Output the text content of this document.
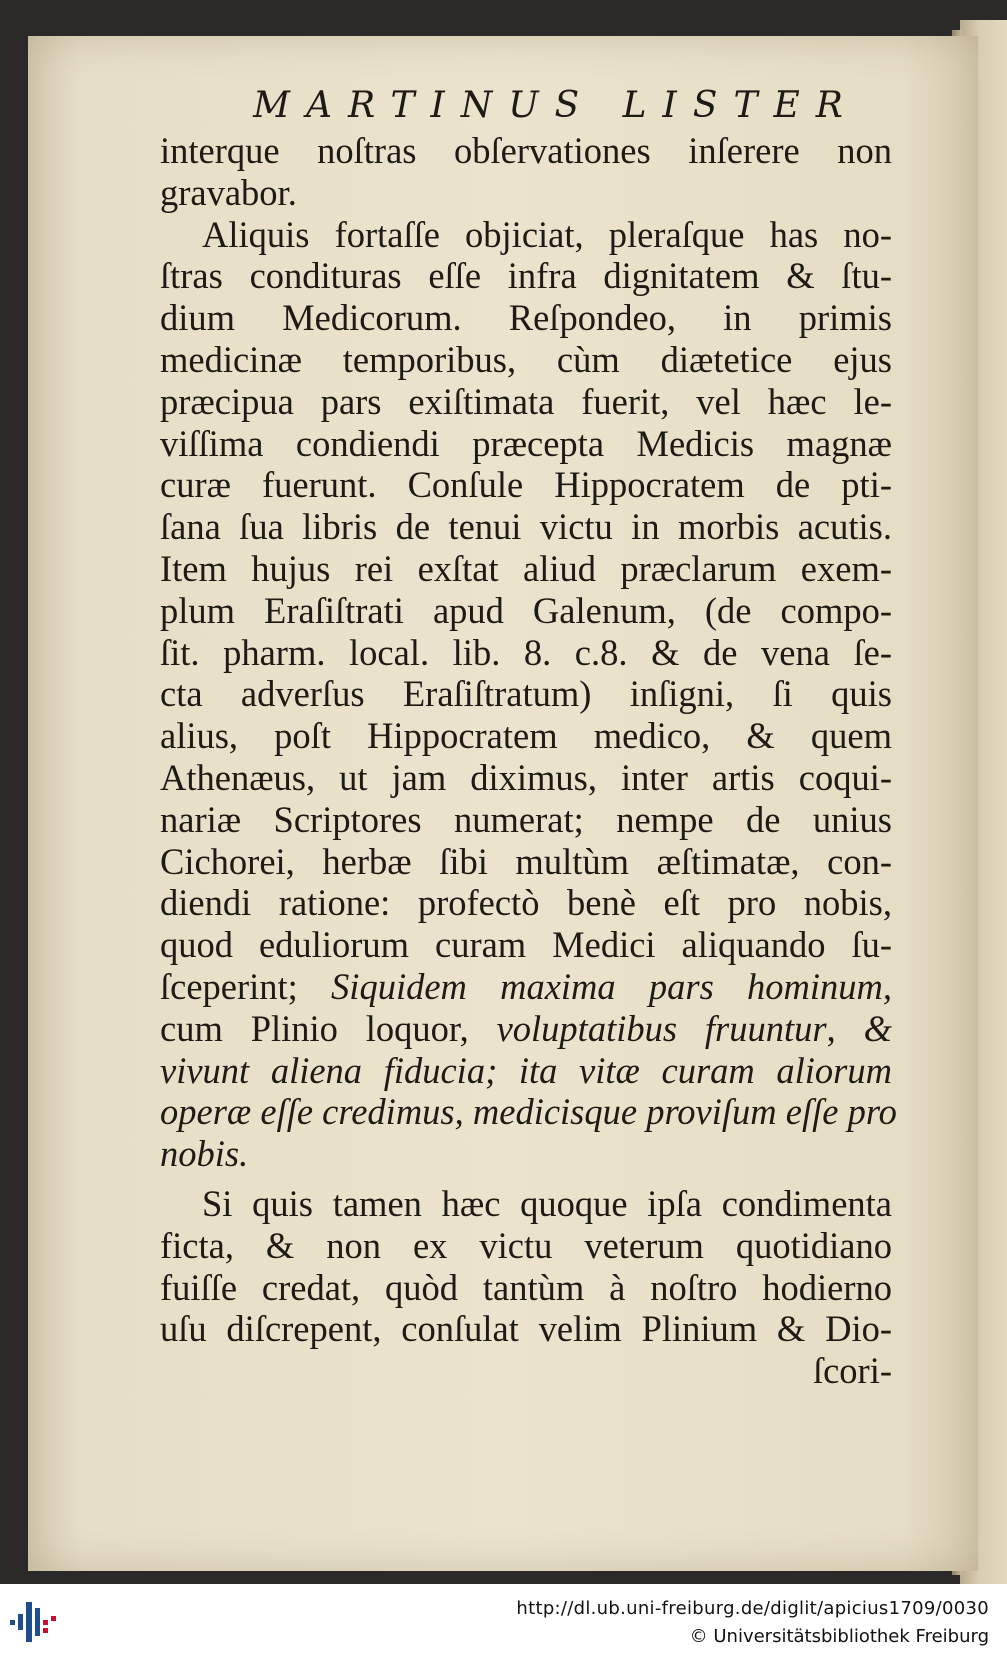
MARTINUS LISTER
interque noſtras obſervationes inſerere non
gravabor.
Aliquis fortaſſe objiciat, pleraſque has no-
ſtras condituras eſſe infra dignitatem & ſtu-
dium Medicorum. Reſpondeo, in primis
medicinæ temporibus, cùm diætetice ejus
præcipua pars exiſtimata fuerit, vel hæc le-
viſſima condiendi præcepta Medicis magnæ
curæ fuerunt. Conſule Hippocratem de pti-
ſana ſua libris de tenui victu in morbis acutis.
Item hujus rei exſtat aliud præclarum exem-
plum Eraſiſtrati apud Galenum, (de compo-
ſit. pharm. local. lib. 8. c.8. & de vena ſe-
cta adverſus Eraſiſtratum) inſigni, ſi quis
alius, poſt Hippocratem medico, & quem
Athenæus, ut jam diximus, inter artis coqui-
nariæ Scriptores numerat; nempe de unius
Cichorei, herbæ ſibi multùm æſtimatæ, con-
diendi ratione: profectò benè eſt pro nobis,
quod eduliorum curam Medici aliquando ſu-
ſceperint; Siquidem maxima pars hominum,
cum Plinio loquor, voluptatibus fruuntur, &
vivunt aliena fiducia; ita vitæ curam aliorum
operæ eſſe credimus, medicisque proviſum eſſe pro
nobis.
Si quis tamen hæc quoque ipſa condimenta
ficta, & non ex victu veterum quotidiano
fuiſſe credat, quòd tantùm à noſtro hodierno
uſu diſcrepent, conſulat velim Plinium & Dio-
ſcori-
http://dl.ub.uni-freiburg.de/diglit/apicius1709/0030
© Universitätsbibliothek Freiburg
